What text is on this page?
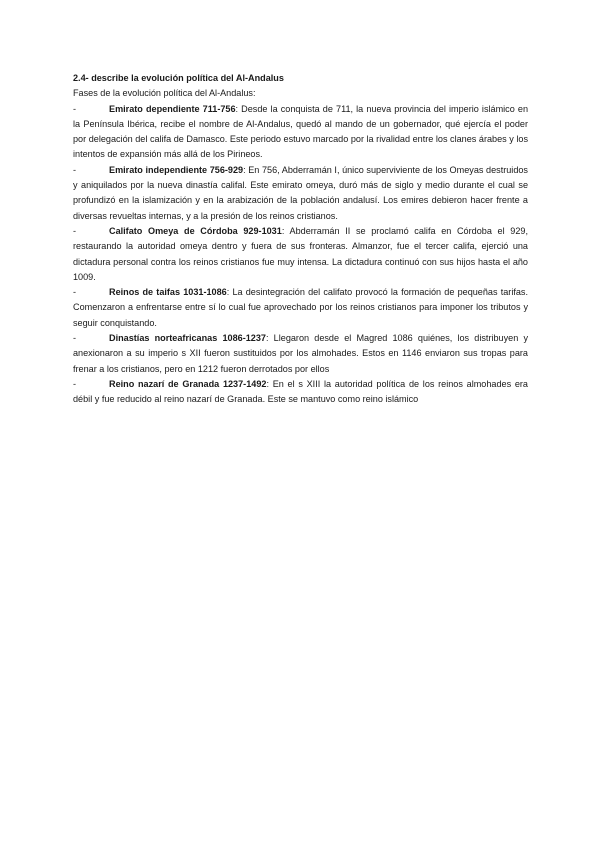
2.4- describe la evolución política del Al-Andalus

Fases de la evolución política del Al-Andalus:

-	Emirato dependiente 711-756: Desde la conquista de 711, la nueva provincia del imperio islámico en la Península Ibérica, recibe el nombre de Al-Andalus, quedó al mando de un gobernador, qué ejercía el poder por delegación del califa de Damasco. Este periodo estuvo marcado por la rivalidad entre los clanes árabes y los intentos de expansión más allá de los Pirineos.

-	Emirato independiente 756-929: En 756, Abderramán I, único superviviente de los Omeyas destruidos y aniquilados por la nueva dinastía califal. Este emirato omeya, duró más de siglo y medio durante el cual se profundizó en la islamización y en la arabización de la población andalusí. Los emires debieron hacer frente a diversas revueltas internas, y a la presión de los reinos cristianos.

-	Califato Omeya de Córdoba 929-1031: Abderramán II se proclamó califa en Córdoba el 929, restaurando la autoridad omeya dentro y fuera de sus fronteras. Almanzor, fue el tercer califa, ejerció una dictadura personal contra los reinos cristianos fue muy intensa. La dictadura continuó con sus hijos hasta el año 1009.

-	Reinos de taifas 1031-1086: La desintegración del califato provocó la formación de pequeñas tarifas. Comenzaron a enfrentarse entre sí lo cual fue aprovechado por los reinos cristianos para imponer los tributos y seguir conquistando.

-	Dinastías norteafricanas 1086-1237: Llegaron desde el Magred 1086 quiénes, los distribuyen y anexionaron a su imperio s XII fueron sustituidos por los almohades. Estos en 1146 enviaron sus tropas para frenar a los cristianos, pero en 1212 fueron derrotados por ellos

-	Reino nazarí de Granada 1237-1492: En el s XIII la autoridad política de los reinos almohades era débil y fue reducido al reino nazarí de Granada. Este se mantuvo como reino islámico
